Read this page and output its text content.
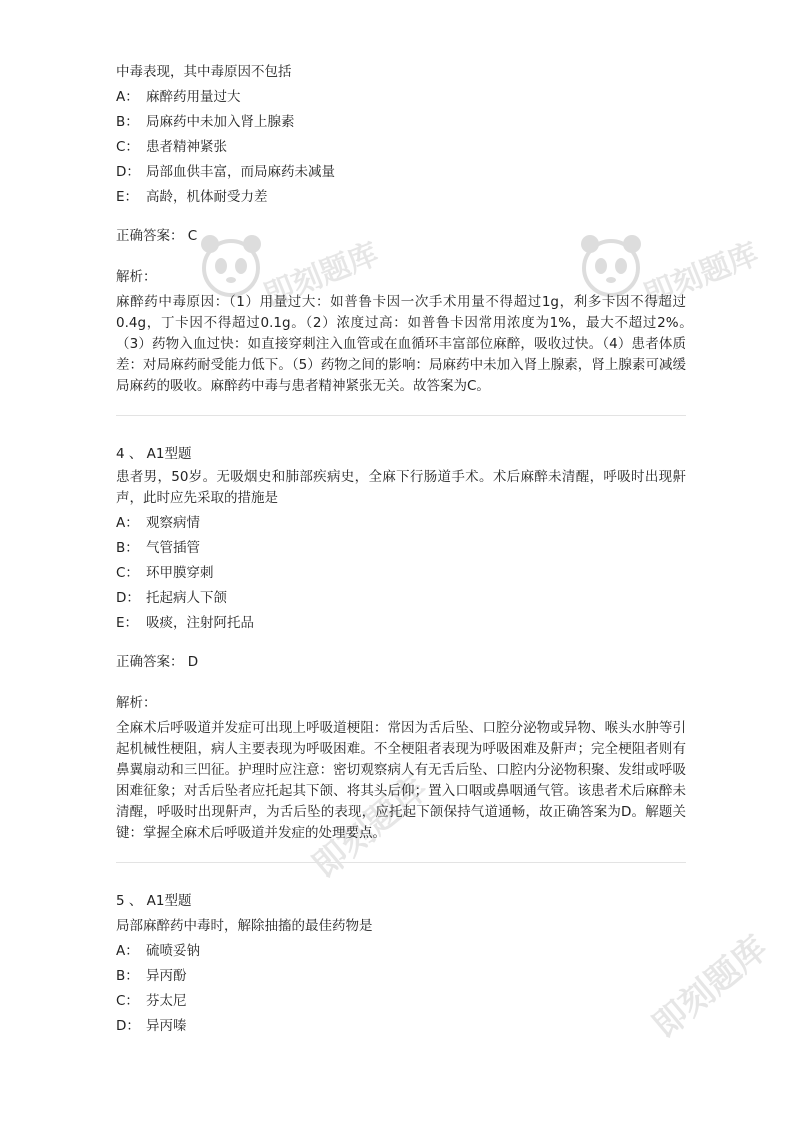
即刻题库	即刻题库
即刻题库
即刻题库
中毒表现，其中毒原因不包括
A： 麻醉药用量过大
B： 局麻药中未加入肾上腺素
C： 患者精神紧张
D： 局部血供丰富，而局麻药未减量
E： 高龄，机体耐受力差
正确答案： C
解析：
麻醉药中毒原因：（1）用量过大：如普鲁卡因一次手术用量不得超过1g，利多卡因不得超过0.4g，丁卡因不得超过0.1g。（2）浓度过高：如普鲁卡因常用浓度为1%，最大不超过2%。　　（3）药物入血过快：如直接穿刺注入血管或在血循环丰富部位麻醉，吸收过快。（4）患者体质差：对局麻药耐受能力低下。（5）药物之间的影响：局麻药中未加入肾上腺素，肾上腺素可减缓局麻药的吸收。麻醉药中毒与患者精神紧张无关。故答案为C。
4 、 A1型题
患者男，50岁。无吸烟史和肺部疾病史，全麻下行肠道手术。术后麻醉未清醒，呼吸时出现鼾声，此时应先采取的措施是
A： 观察病情
B： 气管插管
C： 环甲膜穿刺
D： 托起病人下颌
E： 吸痰，注射阿托品
正确答案： D
解析：
全麻术后呼吸道并发症可出现上呼吸道梗阻：常因为舌后坠、口腔分泌物或异物、喉头水肿等引起机械性梗阻，病人主要表现为呼吸困难。不全梗阻者表现为呼吸困难及鼾声；完全梗阻者则有鼻翼扇动和三凹征。护理时应注意：密切观察病人有无舌后坠、口腔内分泌物积聚、发绀或呼吸困难征象；对舌后坠者应托起其下颌、将其头后仰；置入口咽或鼻咽通气管。该患者术后麻醉未清醒，呼吸时出现鼾声，为舌后坠的表现，应托起下颌保持气道通畅，故正确答案为D。解题关键：掌握全麻术后呼吸道并发症的处理要点。
5 、 A1型题
局部麻醉药中毒时，解除抽搐的最佳药物是
A： 硫喷妥钠
B： 异丙酚
C： 芬太尼
D： 异丙嗪
